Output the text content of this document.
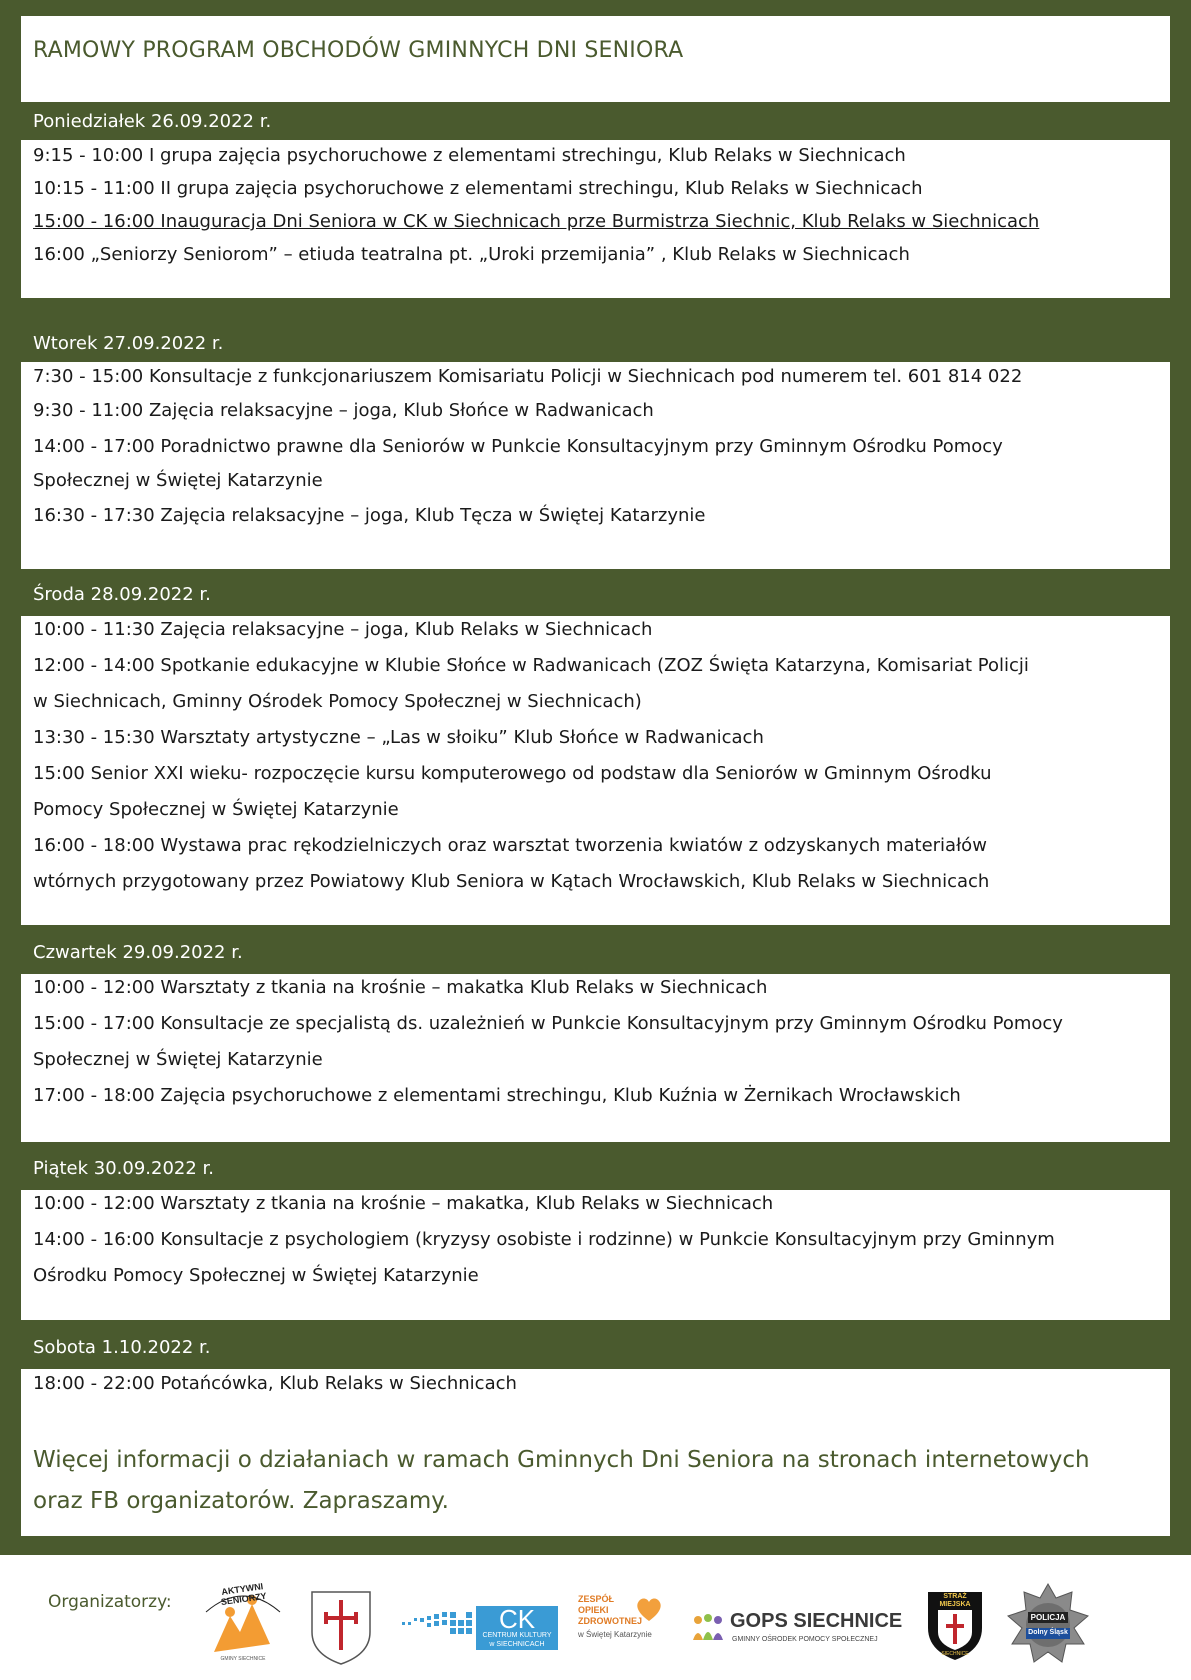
RAMOWY PROGRAM OBCHODÓW GMINNYCH DNI SENIORA
Poniedziałek 26.09.2022 r.
9:15 - 10:00 I grupa zajęcia psychoruchowe z elementami strechingu, Klub Relaks w Siechnicach
10:15 - 11:00 II grupa zajęcia psychoruchowe z elementami strechingu, Klub Relaks w Siechnicach
15:00 - 16:00 Inauguracja Dni Seniora w CK w Siechnicach prze Burmistrza Siechnic, Klub Relaks w Siechnicach
16:00 „Seniorzy Seniorom” – etiuda teatralna pt. „Uroki przemijania” , Klub Relaks w Siechnicach
Wtorek 27.09.2022 r.
7:30 - 15:00 Konsultacje z funkcjonariuszem Komisariatu Policji w Siechnicach pod numerem tel. 601 814 022
9:30 - 11:00 Zajęcia relaksacyjne – joga, Klub Słońce w Radwanicach
14:00 - 17:00 Poradnictwo prawne dla Seniorów w Punkcie Konsultacyjnym przy Gminnym Ośrodku Pomocy
Społecznej w Świętej Katarzynie
16:30 - 17:30 Zajęcia relaksacyjne – joga, Klub Tęcza w Świętej Katarzynie
Środa 28.09.2022 r.
10:00 - 11:30 Zajęcia relaksacyjne – joga, Klub Relaks w Siechnicach
12:00 - 14:00 Spotkanie edukacyjne w Klubie Słońce w Radwanicach (ZOZ Święta Katarzyna, Komisariat Policji
w Siechnicach, Gminny Ośrodek Pomocy Społecznej w Siechnicach)
13:30 - 15:30 Warsztaty artystyczne – „Las w słoiku” Klub Słońce w Radwanicach
15:00 Senior XXI wieku- rozpoczęcie kursu komputerowego od podstaw dla Seniorów w Gminnym Ośrodku
Pomocy Społecznej w Świętej Katarzynie
16:00 - 18:00 Wystawa prac rękodzielniczych oraz warsztat tworzenia kwiatów z odzyskanych materiałów
wtórnych przygotowany przez Powiatowy Klub Seniora w Kątach Wrocławskich, Klub Relaks w Siechnicach
Czwartek 29.09.2022 r.
10:00 - 12:00 Warsztaty z tkania na krośnie – makatka Klub Relaks w Siechnicach
15:00 - 17:00 Konsultacje ze specjalistą ds. uzależnień w Punkcie Konsultacyjnym przy Gminnym Ośrodku Pomocy
Społecznej w Świętej Katarzynie
17:00 - 18:00 Zajęcia psychoruchowe z elementami strechingu, Klub Kuźnia w Żernikach Wrocławskich
Piątek 30.09.2022 r.
10:00 - 12:00 Warsztaty z tkania na krośnie – makatka, Klub Relaks w Siechnicach
14:00 - 16:00 Konsultacje z psychologiem (kryzysy osobiste i rodzinne) w Punkcie Konsultacyjnym przy Gminnym
Ośrodku Pomocy Społecznej w Świętej Katarzynie
Sobota 1.10.2022 r.
18:00 - 22:00 Potańcówka, Klub Relaks w Siechnicach
Więcej informacji o działaniach w ramach Gminnych Dni Seniora na stronach internetowych
oraz FB organizatorów. Zapraszamy.
Organizatorzy:
AKTYWNI SENIORZY
GMINY SIECHNICE
CK
CENTRUM KULTURY
w SIECHNICACH
ZESPÓŁ
OPIEKI
ZDROWOTNEJ
w Świętej Katarzynie
GOPS SIECHNICE
GMINNY OŚRODEK POMOCY SPOŁECZNEJ
STRAŻ
MIEJSKA
SIECHNICE
POLICJA
Dolny Śląsk
